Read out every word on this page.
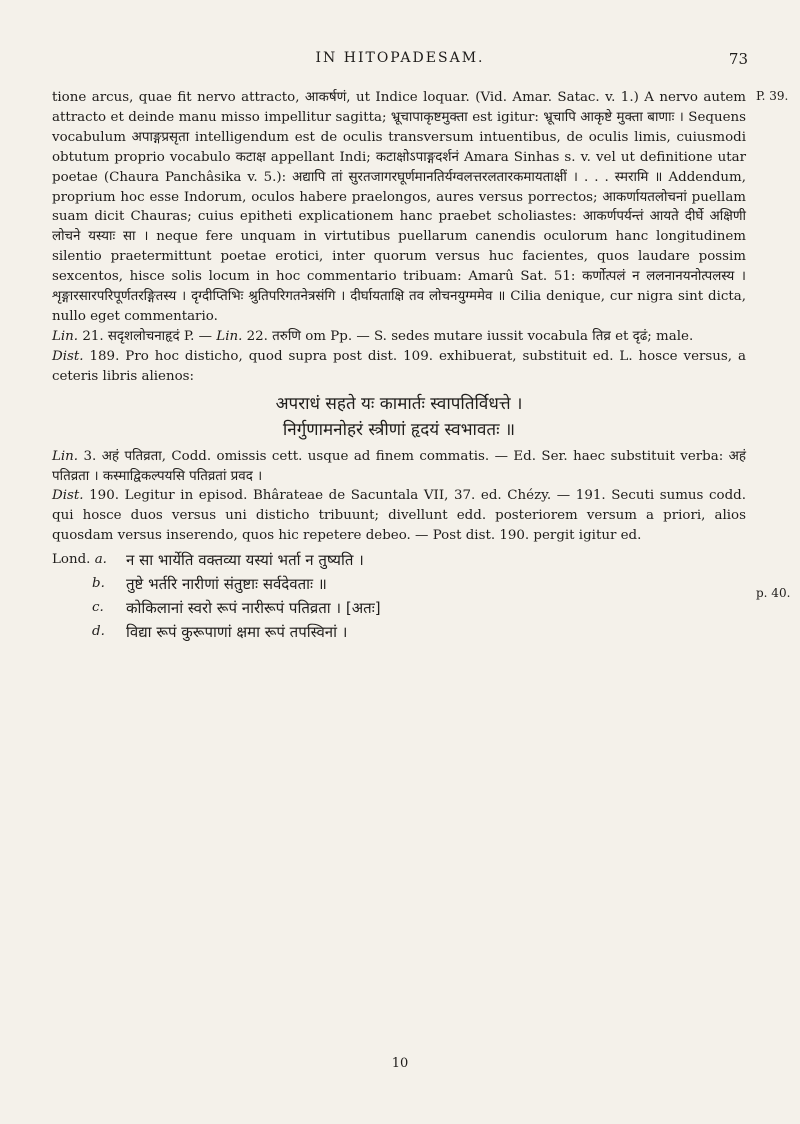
IN HITOPADESAM.	73
P. 39.
p. 40.

tione arcus, quae fit nervo attracto, आकर्षणं, ut Indice loquar. (Vid. Amar. Satac. v. 1.) A nervo autem attracto et deinde manu misso impellitur sagitta; भ्रूचापाकृष्टमुक्ता est igitur: भ्रूचापि आकृष्टे मुक्ता बाणाः । Sequens vocabulum अपाङ्गप्रसृता intelligendum est de oculis transversum intuentibus, de oculis limis, cuiusmodi obtutum proprio vocabulo कटाक्ष appellant Indi; कटाक्षोऽपाङ्गदर्शनं Amara Sinhas s. v. vel ut definitione utar poetae (Chaura Panchâsika v. 5.): अद्यापि तां सुरतजागरघूर्णमानतिर्यग्वलत्तरलतारकमायताक्षीं । . . . स्मरामि ॥ Addendum, proprium hoc esse Indorum, oculos habere praelongos, aures versus porrectos; आकर्णायतलोचनां puellam suam dicit Chauras; cuius epitheti explicationem hanc praebet scholiastes: आकर्णपर्यन्तं आयते दीर्घे अक्षिणी लोचने यस्याः सा । neque fere unquam in virtutibus puellarum canendis oculorum hanc longitudinem silentio praetermittunt poetae erotici, inter quorum versus huc facientes, quos laudare possim sexcentos, hisce solis locum in hoc commentario tribuam: Amarû Sat. 51: कर्णोत्पलं न ललनानयनोत्पलस्य । शृङ्गारसारपरिपूर्णतरङ्गितस्य । दृग्दीप्तिभिः श्रुतिपरिगतनेत्रसंगि । दीर्घायताक्षि तव लोचनयुग्ममेव ॥ Cilia denique, cur nigra sint dicta, nullo eget commentario.

Lin. 21. सदृशलोचनाहृदं P. — Lin. 22. तरुणि om Pp. — S. sedes mutare iussit vocabula तिव्र et दृढं; male.

Dist. 189. Pro hoc disticho, quod supra post dist. 109. exhibuerat, substituit ed. L. hosce versus, a ceteris libris alienos:

अपराधं सहते यः कामार्तः स्वापतिर्विधत्ते ।
निर्गुणामनोहरं स्त्रीणां हृदयं स्वभावतः ॥

Lin. 3. अहं पतिव्रता, Codd. omissis cett. usque ad finem commatis. — Ed. Ser. haec substituit verba: अहं पतिव्रता । कस्माद्विकल्पयसि पतिव्रतां प्रवद ।

Dist. 190. Legitur in episod. Bhârateae de Sacuntala VII, 37. ed. Chézy. — 191. Secuti sumus codd. qui hosce duos versus uni disticho tribuunt; divellunt edd. posteriorem versum a priori, alios quosdam versus inserendo, quos hic repetere debeo. — Post dist. 190. pergit igitur ed.

Lond. a.	न सा भार्येति वक्तव्या यस्यां भर्ता न तुष्यति ।
b.	तुष्टे भर्तरि नारीणां संतुष्टाः सर्वदेवताः ॥
c.	कोकिलानां स्वरो रूपं नारीरूपं पतिव्रता । [अतः]
d.	विद्या रूपं कुरूपाणां क्षमा रूपं तपस्विनां ।
10
